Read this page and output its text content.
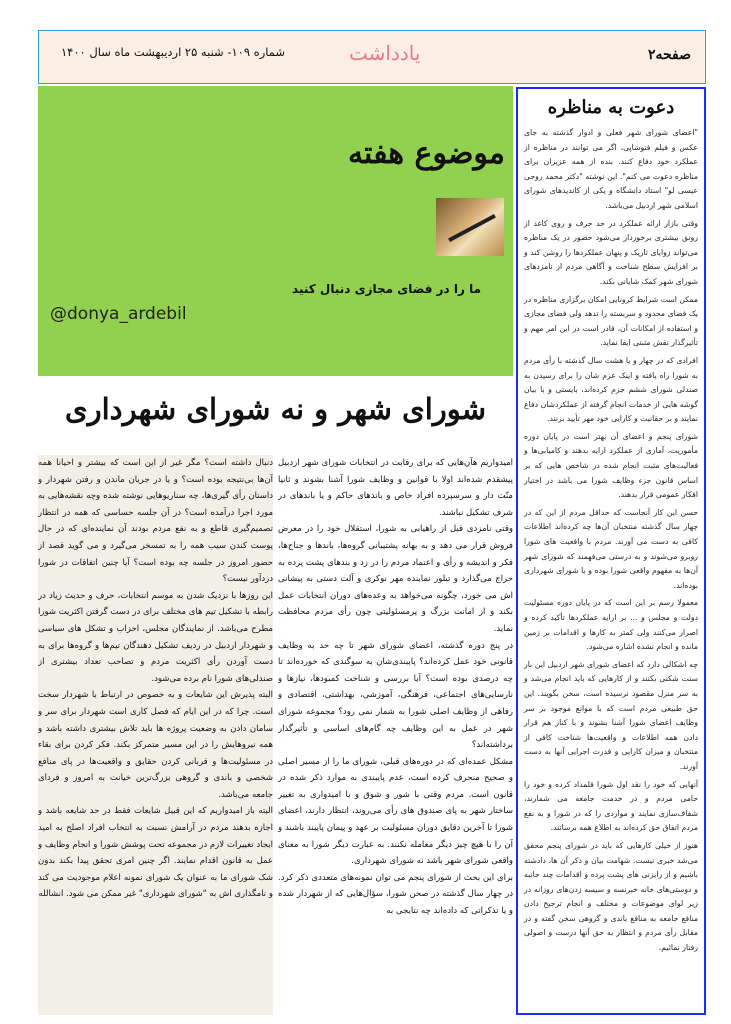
صفحه۲
یادداشت
شماره ۱۰۹- شنبه ۲۵ اردیبهشت ماه سال ۱۴۰۰
موضوع هفته
ما را در فضای مجازی دنبال کنید
@donya_ardebil
دعوت به مناظره

"اعضای شورای شهر فعلی و ادوار گذشته به جای عکس و فیلم فتوشاپی، اگر می توانند در مناظره از عملکرد خود دفاع کنند. بنده از همه عزیزان برای مناظره دعوت می کنم". این نوشته "دکتر محمد روحی عیسی لو" استاد دانشگاه و یکی از کاندیدهای شورای اسلامی شهر اردبیل می‌باشد.

وقتی بازار ارائه عملکرد در حد حرف و روی کاغذ از رونق بیشتری برخوردار می‌شود حضور در یک مناظره می‌تواند زوایای تاریک و پنهان عملکردها را روشن کند و بر افزایش سطح شناخت و آگاهی مردم از نامزدهای شورای شهر کمک شایانی بکند.

ممکن است شرایط کرونایی امکان برگزاری مناظره در یک فضای محدود و سربسته را تدهد ولی فضای مجازی و استفاده از امکانات آن، قادر است در این امر مهم و تأثیرگذار نقش مثبتی ایفا نماید.

افرادی که در چهار و یا هشت سال گذشته با رأی مردم به شورا راه یافته و اینک عزم شان را برای رسیدن به صندلی شورای ششم جزم کرده‌اند، بایستی و با بیان گوشه هایی از خدمات انجام گرفته از عملکردشان دفاع نمایند و بر حقانیت و کارایی خود مهر تأیید بزنند.

شورای پنجم و اعضای آن بهتر است در پایان دوره مأموریت، آماری از عملکرد ارایه بدهند و کامیابی‌ها و فعالیت‌های مثبت انجام شده در شاخص هایی که بر اساس قانون جزء وظایف شورا می باشد در اختیار افکار عمومی قرار بدهند.

حسن این کار آنجاست که حداقل مردم از این که در چهار سال گذشته منتخبان آن‌ها چه کرده‌اند اطلاعات کافی به دست می آورند. مردم با واقعیت های شورا روبرو می‌شوند و به درستی می‌فهمند که شورای شهر آن‌ها به مفهوم واقعی شورا بوده و یا شورای شهرداری بوده‌اند.

معمولا رسم بر این است که در پایان دوره مسئولیت دولت و مجلس و ... بر ارایه عملکردها تأکید کرده و اصرار می‌کنند ولی کمتر به کارها و اقدامات بر زمین مانده و انجام نشده اشاره می‌شود.

چه اشکالی دارد که اعضای شورای شهر اردبیل این بار سنت شکنی بکنند و از کارهایی که باید انجام می‌شد و به سر منزل مقصود نرسیده است، سخن بگویند. این حق طبیعی مردم است که با موانع موجود بر سر وظایف اعضای شورا آشنا بشوند و با کنار هم قرار دادن همه اطلاعات و واقعیت‌ها شناخت کافی از منتخبان و میزان کارایی و قدرت اجرایی آنها به دست آورند.

آنهایی که خود را نقد اول شورا قلمداد کرده و خود را حامی مردم و در خدمت جامعه می شمارند، شفاف‌سازی نمایند و مواردی را که در شورا و به نفع مردم اتفاق حق کرده‌اند به اطلاع همه برسانند.

هنوز از خیلی کارهایی که باید در شورای پنجم محقق می‌شد خبری نیست. شهامت بیان و ذکر آن ها، دادشته باشیم و از رایزنی های پشت پرده و اقدامات چند جانبه و دوستی‌های خانه خبرنسه و سیسه زدن‌های روزانه در زیر لوای موضوعات و مختلف و انجام ترجیح دادن منافع جامعه به منافع باندی و گروهی سخن گفته و در مقابل رأی مردم و انتظار به حق آنها درست و اصولی رفتار نمائیم.

شورای شهر و نه شورای شهرداری

امیدواریم هآن‌هایی که برای رقابت در انتخابات شورای شهر اردبیل پیشقدم شده‌اند اولا با قوانین و وظایف شورا آشنا بشوند و ثانیا منّت دار و سرسپرده افراد خاص و باندهای حاکم و یا باندهای در شرف تشکیل نباشند.

وقتی نامزدی قبل از راهیابی به شورا، استقلال خود را در معرض فروش قرار می دهد و به بهانه پشتیبانی گروه‌ها، باندها و جناح‌ها، فکر و اندیشه و رأی و اعتماد مردم را در زد و بندهای پشت پرده به حراج می‌گذارد و تبلور نماینده مهر نوکری و آلت دستی به پیشانی اش می خورد، چگونه می‌خواهد به وعده‌های دوران انتخابات عمل بکند و از امانت بزرگ و پرمسئولیتی چون رأی مردم محافظت نماید.

در پنج دوره گذشته، اعضای شورای شهر تا چه حد به وظایف قانونی خود عمل کرده‌اند؟ پایبندی‌شان به سوگندی که خورده‌اند تا چه درصدی بوده است؟ آیا بررسی و شناخت کمبودها، نیازها و نارسایی‌های اجتماعی، فرهنگی، آموزشی، بهداشتی، اقتصادی و رفاهی از وظایف اصلی شورا به شمار نمی رود؟ مجموعه شورای شهر در عمل به این وظایف چه گام‌های اساسی و تأثیرگذار برداشته‌اند؟

مشکل عمده‌ای که در دوره‌های قبلی، شورای ما را از مسیر اصلی و صحیح منحرف کرده است، عدم پایبندی به موارد ذکر شده در قانون است. مردم وقتی با شور و شوق و با امیدواری به تغییر ساختار شهر به پای صندوق های رأی می‌روند، انتظار دارند، اعضای شورا تا آخرین دقایق دوران مسئولیت بر عهد و پیمان پایبند باشند و آن را با هیچ چیز دیگر معامله نکنند. به عبارت دیگر شورا به معنای واقعی شورای شهر باشد نه شورای شهرداری.

برای این بحث از شورای پنجم می توان نمونه‌های متعددی ذکر کرد. در چهار سال گذشته در صحن شورا، سؤال‌هایی که از شهردار شده و یا تذکراتی که داده‌اند چه نتایجی به

دنبال داشته است؟ مگر غیر از این است که بیشتر و احیانا همه آن‌ها بی‌نتیجه بوده است؟ و یا در جریان ماندن و رفتن شهردار و داستان رأی گیری‌ها، چه سناریوهایی نوشته شده وچه نقشه‌هایی به مورد اجرا درآمده است؟ در آن جلسه حساسی که همه در انتظار تصمیم‌گیری قاطع و به نفع مردم بودند آن نماینده‌ای که در حال پوست کندن سیب همه را به تمسخر می‌گیرد و می گوید قصد از حضور امروز در جلسه چه بوده است؟ آیا چنین اتفاقات در شورا دردآور نیست؟

این روزها با نزدیک شدن به موسم انتخابات، حرف و حدیث زیاد در رابطه با تشکیل تیم های مختلف برای در دست گرفتن اکثریت شورا مطرح می‌باشد. از نمایندگان مجلس، احزاب و تشکل های سیاسی و شهردار اردبیل در ردیف تشکیل دهندگان تیم‌ها و گروه‌ها برای به دست آوردن رأی اکثریت مردم و تصاحب تعداد بیشتری از صندلی‌های شورا نام برده می‌شود.

البته پذیرش این شایعات و به خصوص در ارتباط با شهردار سخت است. چرا که در این ایام که فصل کاری است شهردار برای سر و سامان دادن به وضعیت پروژه ها باید تلاش بیشتری داشته باشد و همه نیروهایش را در این مسیر متمرکز بکند. فکر کردن برای بقاء در مسئولیت‌ها و قربانی کردن حقایق و واقعیت‌ها در پای منافع شخصی و باندی و گروهی بزرگ‌ترین خیانت به امروز و فردای جامعه می‌باشد.

البته باز امیدواریم که این قبیل شایعات فقط در حد شایعه باشد و اجازه بدهند مردم در آرامش نسبت به انتخاب افراد اصلح به امید ایجاد تغییرات لازم در مجموعه تحت پوشش شورا و انجام وظایف و عمل به قانون اقدام نمایند. اگر چنین امری تحقق پیدا بکند بدون شک شورای ما به عنوان یک شورای نمونه اعلام موجودیت می کند و نامگذاری اش به "شورای شهرداری" غیر ممکن می شود. انشالله
